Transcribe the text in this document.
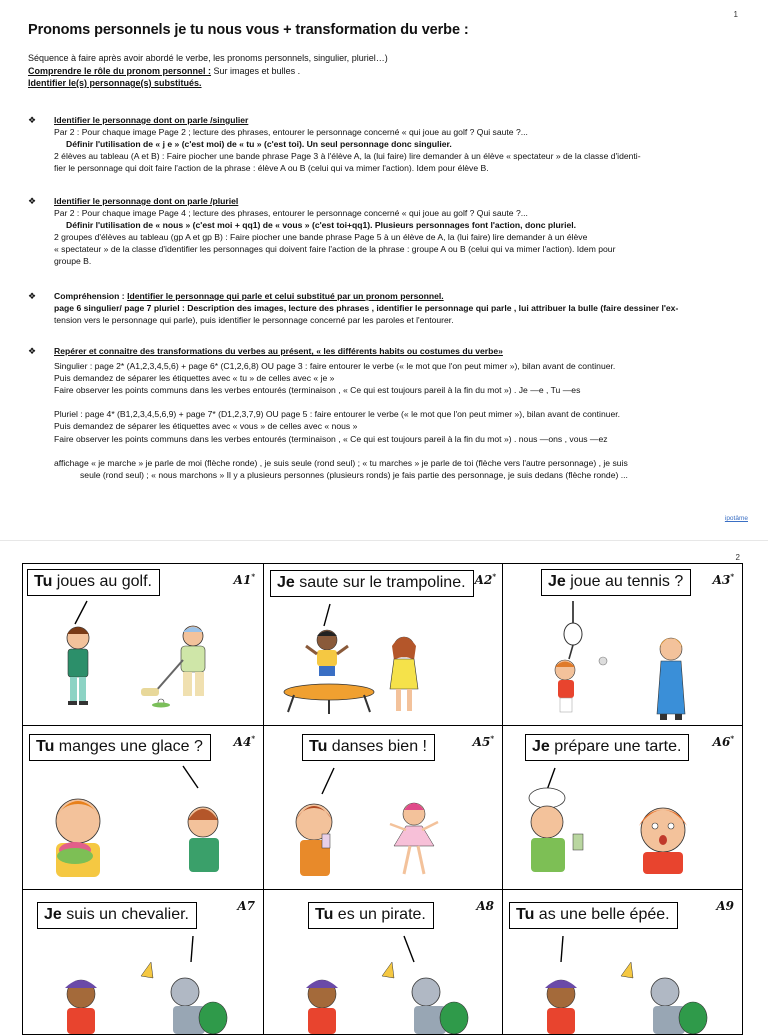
1
Pronoms personnels je tu nous vous + transformation du verbe :
Séquence à faire après avoir abordé le verbe, les pronoms personnels, singulier, pluriel…)
Comprendre le rôle du pronom personnel : Sur images et bulles .
Identifier le(s) personnage(s) substitués.
❖ Identifier le personnage dont on parle /singulier
Par 2 : Pour chaque image Page 2 ; lecture des phrases, entourer le personnage concerné « qui joue au golf ? Qui saute ?...
Définir l'utilisation de « j e » (c'est moi) de « tu » (c'est toi). Un seul personnage donc singulier.
2 élèves au tableau (A et B) : Faire piocher une bande phrase Page 3 à l'élève A, la (lui faire) lire demander à un élève « spectateur » de la classe d'identi-
fier le personnage qui doit faire l'action de la phrase : élève A ou B (celui qui va mimer l'action). Idem pour élève B.
❖ Identifier le personnage dont on parle /pluriel
Par 2 : Pour chaque image Page 4 ; lecture des phrases, entourer le personnage concerné « qui joue au golf ? Qui saute ?...
Définir l'utilisation de « nous » (c'est moi + qq1) de « vous » (c'est toi+qq1). Plusieurs personnages font l'action, donc pluriel.
2 groupes d'élèves au tableau (gp A et gp B) : Faire piocher une bande phrase Page 5 à un élève de A, la (lui faire) lire demander à un élève
« spectateur » de la classe d'identifier les personnages qui doivent faire l'action de la phrase : groupe A ou B (celui qui va mimer l'action). Idem pour
groupe B.
❖ Compréhension : Identifier le personnage qui parle et celui substitué par un pronom personnel.
page 6 singulier/ page 7 pluriel : Description des images, lecture des phrases , identifier le personnage qui parle , lui attribuer la bulle (faire dessiner l'ex-
tension vers le personnage qui parle), puis identifier le personnage concerné par les paroles et l'entourer.
❖ Repérer et connaitre des transformations du verbes au présent, « les différents habits ou costumes du verbe»
Singulier : page 2* (A1,2,3,4,5,6) + page 6* (C1,2,6,8) OU page 3 : faire entourer le verbe (« le mot que l'on peut mimer »), bilan avant de continuer.
Puis demandez de séparer les étiquettes avec « tu » de celles avec « je »
Faire observer les points communs dans les verbes entourés (terminaison , « Ce qui est toujours pareil à la fin du mot ») . Je —e , Tu —es
Pluriel : page 4* (B1,2,3,4,5,6,9) + page 7* (D1,2,3,7,9) OU page 5 : faire entourer le verbe (« le mot que l'on peut mimer »), bilan avant de continuer.
Puis demandez de séparer les étiquettes avec « vous » de celles avec « nous »
Faire observer les points communs dans les verbes entourés (terminaison , « Ce qui est toujours pareil à la fin du mot ») . nous —ons , vous —ez
affichage « je marche » je parle de moi (flèche ronde) , je suis seule (rond seul) ; « tu marches » je parle de toi (flèche vers l'autre personnage) , je suis
seule (rond seul) ; « nous marchons » Il y a plusieurs personnes (plusieurs ronds) je fais partie des personnage, je suis dedans (flèche ronde) ...
ipotâme
2
Tu joues au golf.	A1*	Je saute sur le trampoline. A2*	Je joue au tennis ?	A3*
Tu manges une glace ?	A4*	Tu danses bien !	A5*	Je prépare une tarte.	A6*
Je suis un chevalier.	A7	Tu es un pirate.	A8	Tu as une belle épée.	A9
